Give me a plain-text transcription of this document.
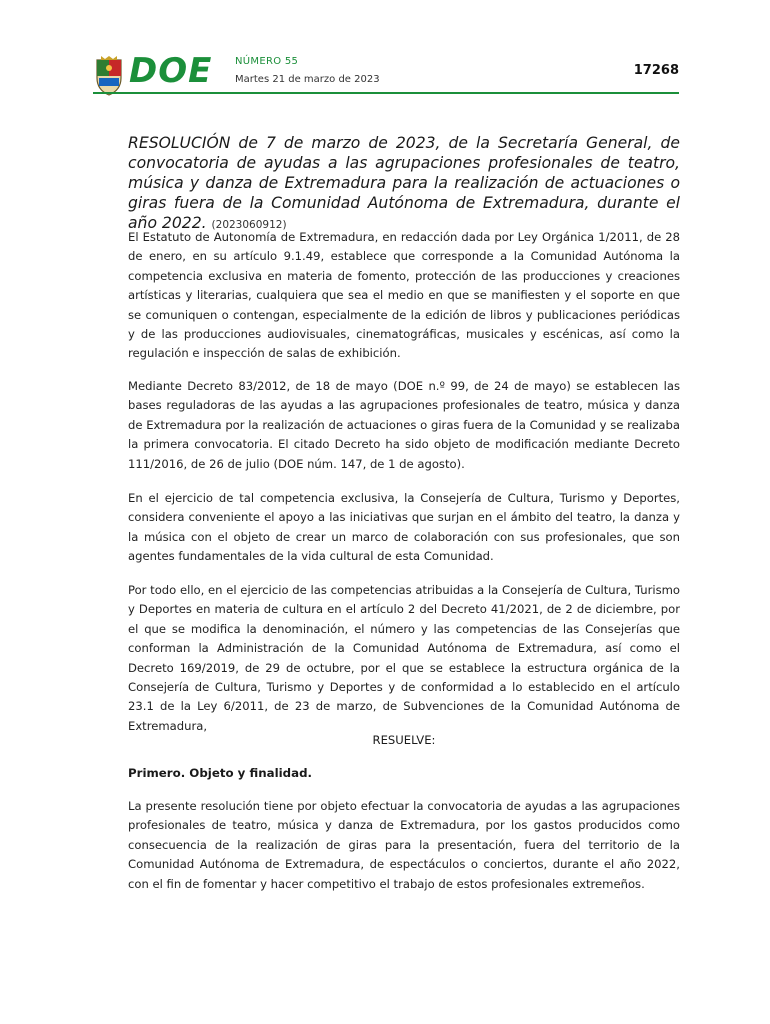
DOE NÚMERO 55
Martes 21 de marzo de 2023
17268

RESOLUCIÓN de 7 de marzo de 2023, de la Secretaría General, de convocatoria de ayudas a las agrupaciones profesionales de teatro, música y danza de Extremadura para la realización de actuaciones o giras fuera de la Comunidad Autónoma de Extremadura, durante el año 2022. (2023060912)

El Estatuto de Autonomía de Extremadura, en redacción dada por Ley Orgánica 1/2011, de 28 de enero, en su artículo 9.1.49, establece que corresponde a la Comunidad Autónoma la competencia exclusiva en materia de fomento, protección de las producciones y creaciones artísticas y literarias, cualquiera que sea el medio en que se manifiesten y el soporte en que se comuniquen o contengan, especialmente de la edición de libros y publicaciones periódicas y de las producciones audiovisuales, cinematográficas, musicales y escénicas, así como la regulación e inspección de salas de exhibición.

Mediante Decreto 83/2012, de 18 de mayo (DOE n.º 99, de 24 de mayo) se establecen las bases reguladoras de las ayudas a las agrupaciones profesionales de teatro, música y danza de Extremadura por la realización de actuaciones o giras fuera de la Comunidad y se realizaba la primera convocatoria. El citado Decreto ha sido objeto de modificación mediante Decreto 111/2016, de 26 de julio (DOE núm. 147, de 1 de agosto).

En el ejercicio de tal competencia exclusiva, la Consejería de Cultura, Turismo y Deportes, considera conveniente el apoyo a las iniciativas que surjan en el ámbito del teatro, la danza y la música con el objeto de crear un marco de colaboración con sus profesionales, que son agentes fundamentales de la vida cultural de esta Comunidad.

Por todo ello, en el ejercicio de las competencias atribuidas a la Consejería de Cultura, Turismo y Deportes en materia de cultura en el artículo 2 del Decreto 41/2021, de 2 de diciembre, por el que se modifica la denominación, el número y las competencias de las Consejerías que conforman la Administración de la Comunidad Autónoma de Extremadura, así como el Decreto 169/2019, de 29 de octubre, por el que se establece la estructura orgánica de la Consejería de Cultura, Turismo y Deportes y de conformidad a lo establecido en el artículo 23.1 de la Ley 6/2011, de 23 de marzo, de Subvenciones de la Comunidad Autónoma de Extremadura,

RESUELVE:

Primero. Objeto y finalidad.

La presente resolución tiene por objeto efectuar la convocatoria de ayudas a las agrupaciones profesionales de teatro, música y danza de Extremadura, por los gastos producidos como consecuencia de la realización de giras para la presentación, fuera del territorio de la Comunidad Autónoma de Extremadura, de espectáculos o conciertos, durante el año 2022, con el fin de fomentar y hacer competitivo el trabajo de estos profesionales extremeños.
